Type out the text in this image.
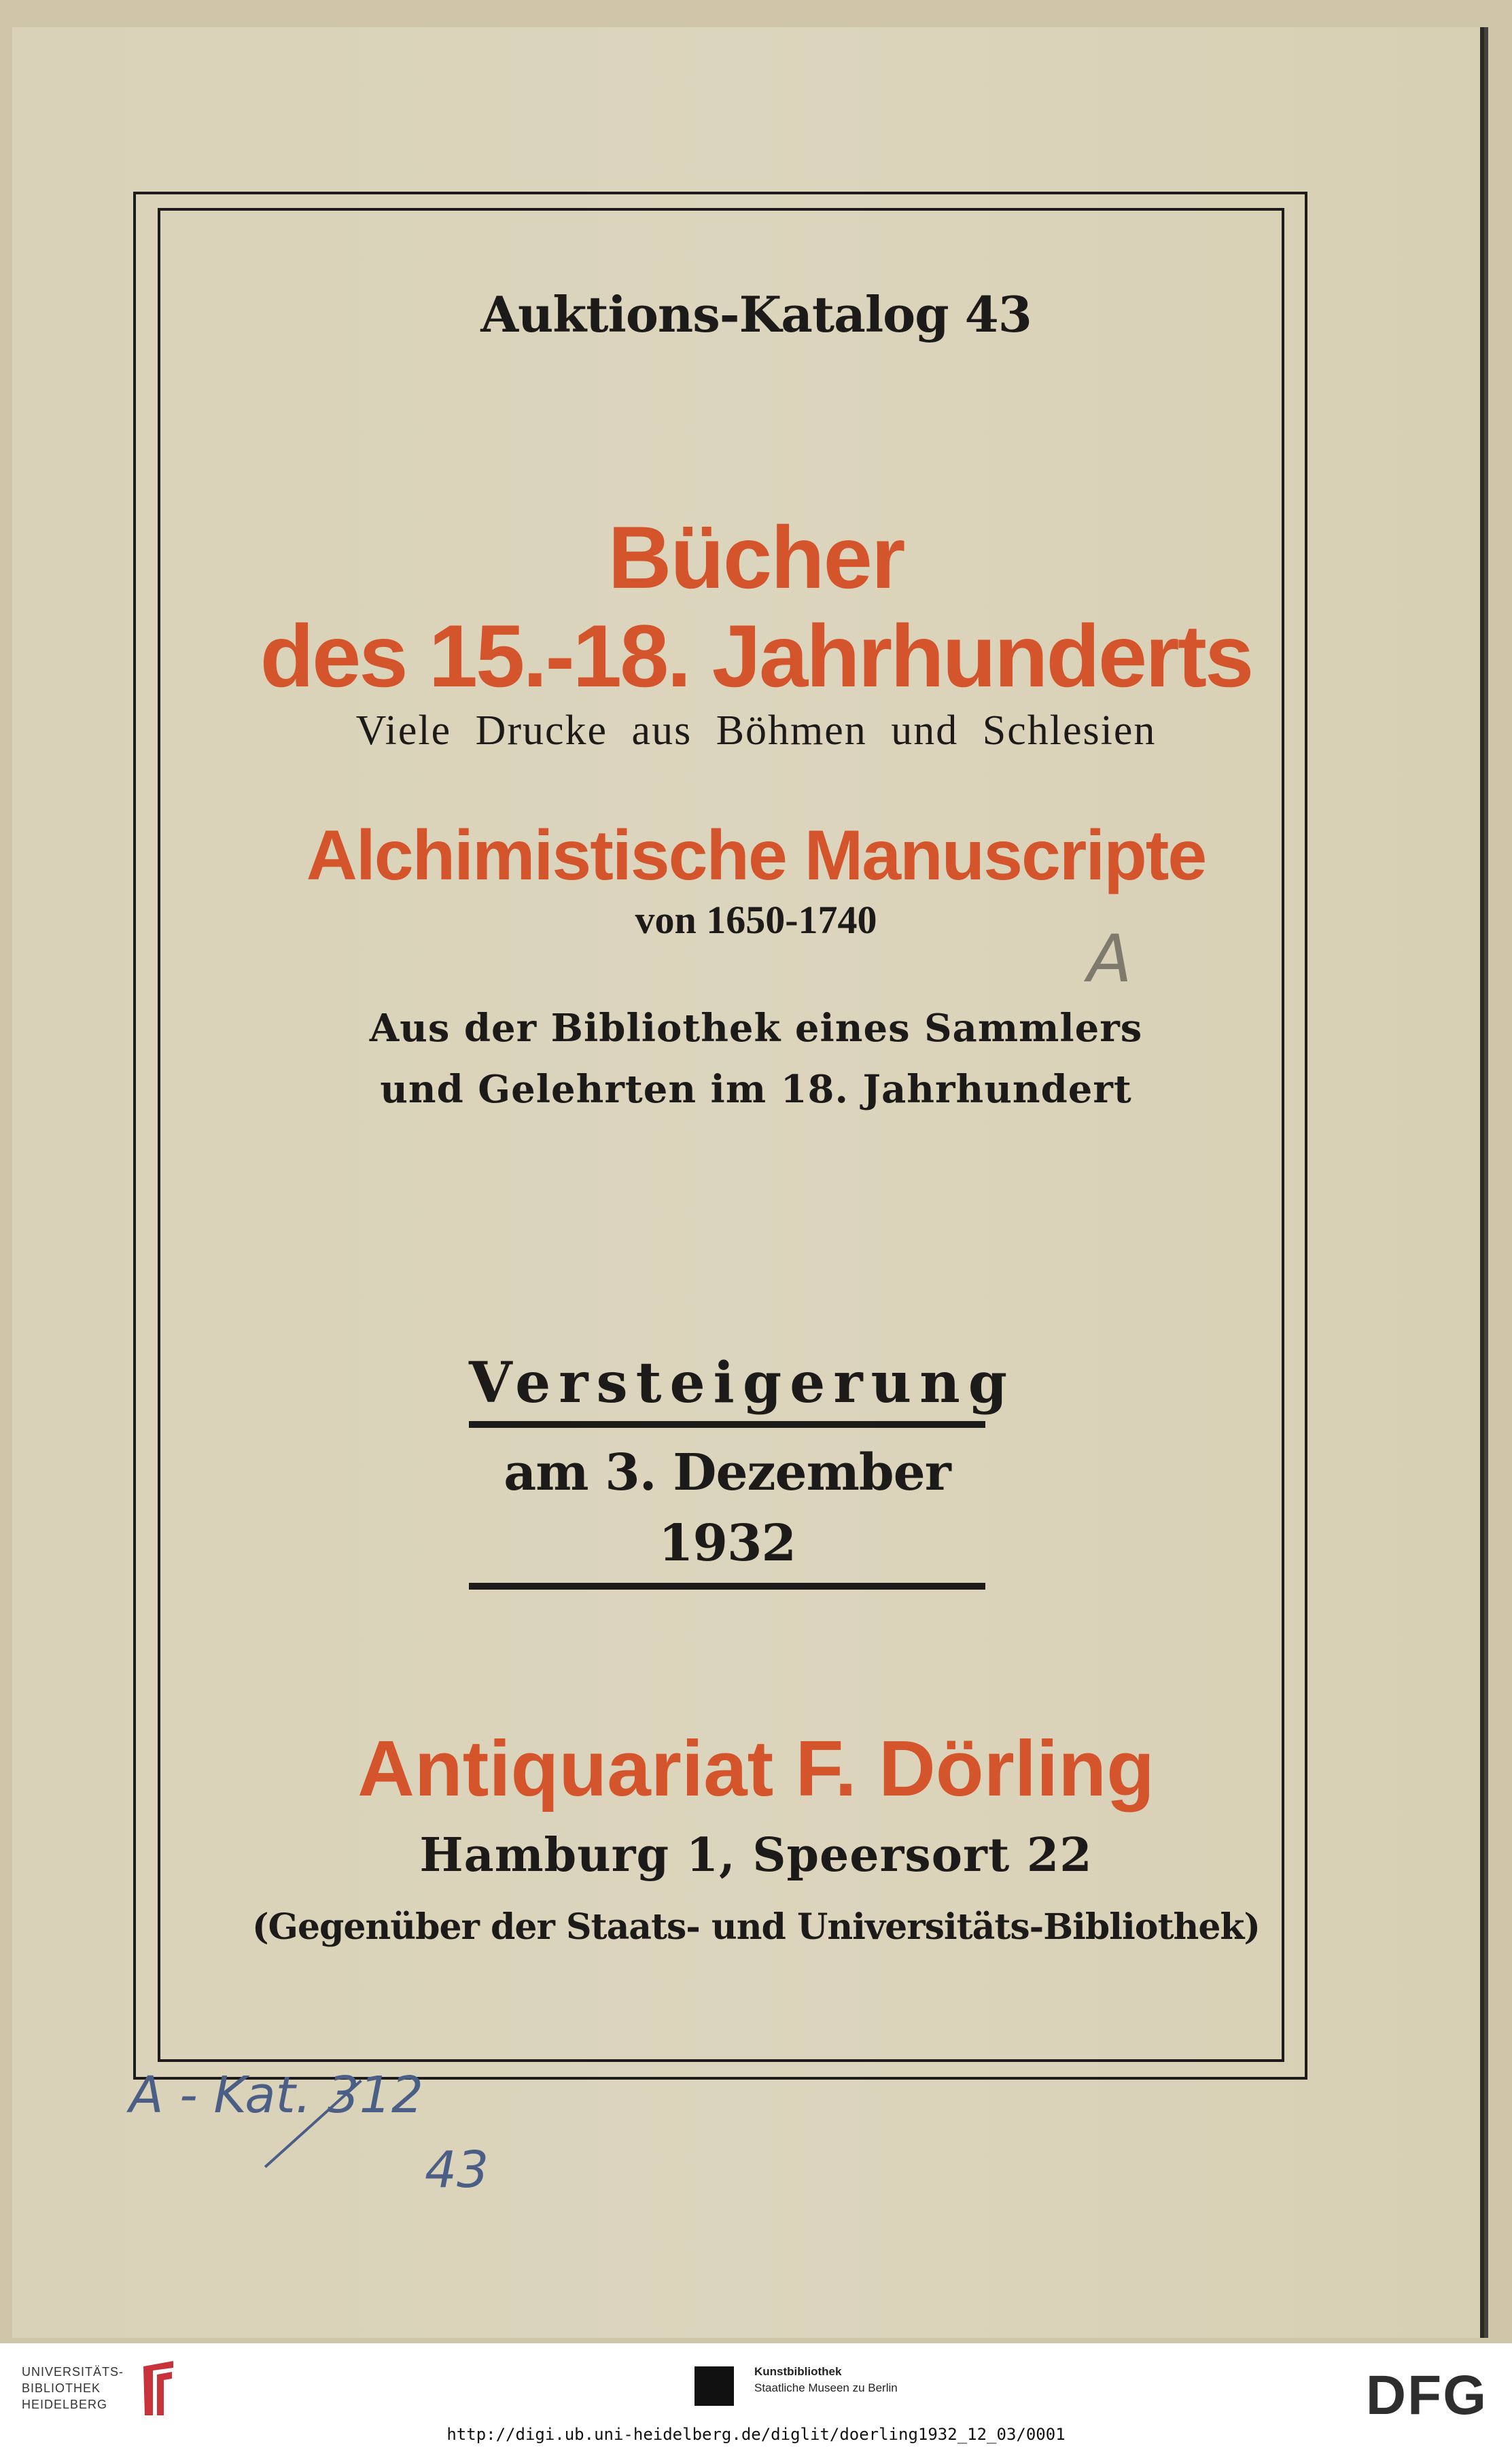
Auktions-Katalog 43
Bücher
des 15.-18. Jahrhunderts
Viele Drucke aus Böhmen und Schlesien
Alchimistische Manuscripte
von 1650-1740
Aus der Bibliothek eines Sammlers
und Gelehrten im 18. Jahrhundert
Versteigerung
am 3. Dezember 1932
Antiquariat F. Dörling
Hamburg 1, Speersort 22
(Gegenüber der Staats- und Universitäts-Bibliothek)
A
A - Kat. 312
43
UNIVERSITÄTS-
BIBLIOTHEK
HEIDELBERG
Kunstbibliothek
Staatliche Museen zu Berlin	DFG
http://digi.ub.uni-heidelberg.de/diglit/doerling1932_12_03/0001
